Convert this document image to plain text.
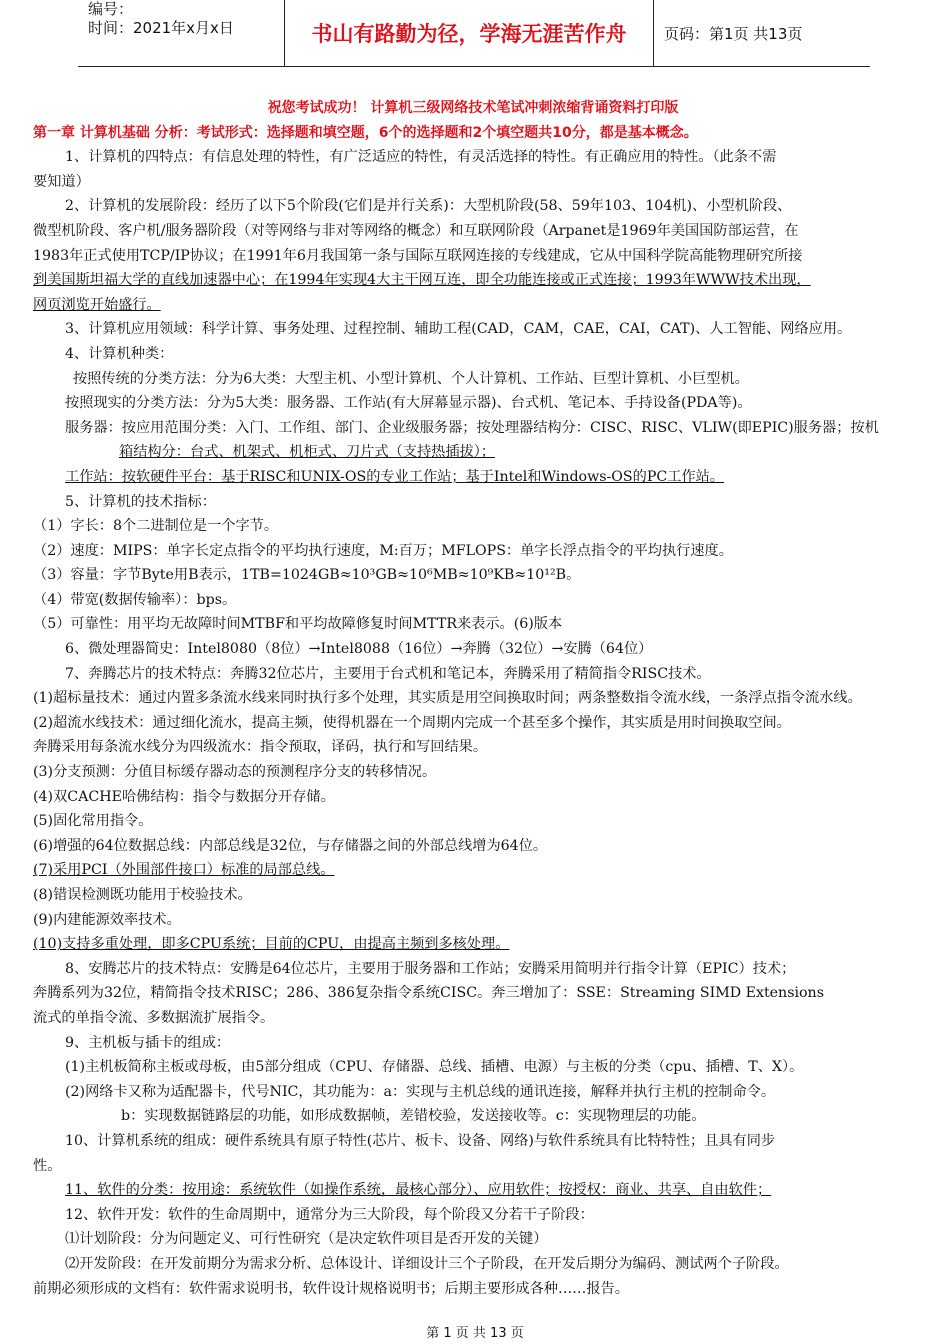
编号：
时间：2021年x月x日	书山有路勤为径，学海无涯苦作舟	页码：第1页 共13页
祝您考试成功！ 计算机三级网络技术笔试冲刺浓缩背诵资料打印版
第一章 计算机基础 分析：考试形式：选择题和填空题，6个的选择题和2个填空题共10分，都是基本概念。
1、计算机的四特点：有信息处理的特性，有广泛适应的特性，有灵活选择的特性。有正确应用的特性。（此条不需
要知道）
2、计算机的发展阶段：经历了以下5个阶段(它们是并行关系)：大型机阶段(58、59年103、104机)、小型机阶段、
微型机阶段、客户机/服务器阶段（对等网络与非对等网络的概念）和互联网阶段（Arpanet是1969年美国国防部运营，在
1983年正式使用TCP/IP协议；在1991年6月我国第一条与国际互联网连接的专线建成，它从中国科学院高能物理研究所接
到美国斯坦福大学的直线加速器中心；在1994年实现4大主干网互连，即全功能连接或正式连接；1993年WWW技术出现，
网页浏览开始盛行。
3、计算机应用领域：科学计算、事务处理、过程控制、辅助工程(CAD，CAM，CAE，CAI，CAT)、人工智能、网络应用。
4、计算机种类：
按照传统的分类方法：分为6大类：大型主机、小型计算机、个人计算机、工作站、巨型计算机、小巨型机。
按照现实的分类方法：分为5大类：服务器、工作站(有大屏幕显示器)、台式机、笔记本、手持设备(PDA等)。
服务器：按应用范围分类：入门、工作组、部门、企业级服务器；按处理器结构分：CISC、RISC、VLIW(即EPIC)服务器；按机
箱结构分：台式、机架式、机柜式、刀片式（支持热插拔）；
工作站：按软硬件平台：基于RISC和UNIX-OS的专业工作站；基于Intel和Windows-OS的PC工作站。
5、计算机的技术指标：
（1）字长：8个二进制位是一个字节。
（2）速度：MIPS：单字长定点指令的平均执行速度，M:百万；MFLOPS：单字长浮点指令的平均执行速度。
（3）容量：字节Byte用B表示，1TB=1024GB≈10³GB≈10⁶MB≈10⁹KB≈10¹²B。
（4）带宽(数据传输率）：bps。
（5）可靠性：用平均无故障时间MTBF和平均故障修复时间MTTR来表示。(6)版本
6、微处理器简史：Intel8080（8位）→Intel8088（16位）→奔腾（32位）→安腾（64位）
7、奔腾芯片的技术特点：奔腾32位芯片，主要用于台式机和笔记本，奔腾采用了精简指令RISC技术。
(1)超标量技术：通过内置多条流水线来同时执行多个处理，其实质是用空间换取时间；两条整数指令流水线，一条浮点指令流水线。
(2)超流水线技术：通过细化流水，提高主频，使得机器在一个周期内完成一个甚至多个操作，其实质是用时间换取空间。
奔腾采用每条流水线分为四级流水：指令预取，译码，执行和写回结果。
(3)分支预测：分值目标缓存器动态的预测程序分支的转移情况。
(4)双CACHE哈佛结构：指令与数据分开存储。
(5)固化常用指令。
(6)增强的64位数据总线：内部总线是32位，与存储器之间的外部总线增为64位。
(7)采用PCI（外围部件接口）标准的局部总线。
(8)错误检测既功能用于校验技术。
(9)内建能源效率技术。
(10)支持多重处理，即多CPU系统；目前的CPU，由提高主频到多核处理。
8、安腾芯片的技术特点：安腾是64位芯片，主要用于服务器和工作站；安腾采用简明并行指令计算（EPIC）技术；
奔腾系列为32位，精简指令技术RISC；286、386复杂指令系统CISC。奔三增加了：SSE：Streaming SIMD Extensions
流式的单指令流、多数据流扩展指令。
9、主机板与插卡的组成：
(1)主机板简称主板或母板，由5部分组成（CPU、存储器、总线、插槽、电源）与主板的分类（cpu、插槽、T、X）。
(2)网络卡又称为适配器卡，代号NIC，其功能为：a：实现与主机总线的通讯连接，解释并执行主机的控制命令。
b：实现数据链路层的功能，如形成数据帧，差错校验，发送接收等。c：实现物理层的功能。
10、计算机系统的组成：硬件系统具有原子特性(芯片、板卡、设备、网络)与软件系统具有比特特性；且具有同步
性。
11、软件的分类：按用途：系统软件（如操作系统，最核心部分）、应用软件；按授权：商业、共享、自由软件；
12、软件开发：软件的生命周期中，通常分为三大阶段，每个阶段又分若干子阶段：
⑴计划阶段：分为问题定义、可行性研究（是决定软件项目是否开发的关键）
⑵开发阶段：在开发前期分为需求分析、总体设计、详细设计三个子阶段，在开发后期分为编码、测试两个子阶段。
前期必须形成的文档有：软件需求说明书，软件设计规格说明书；后期主要形成各种……报告。
第 1 页 共 13 页
